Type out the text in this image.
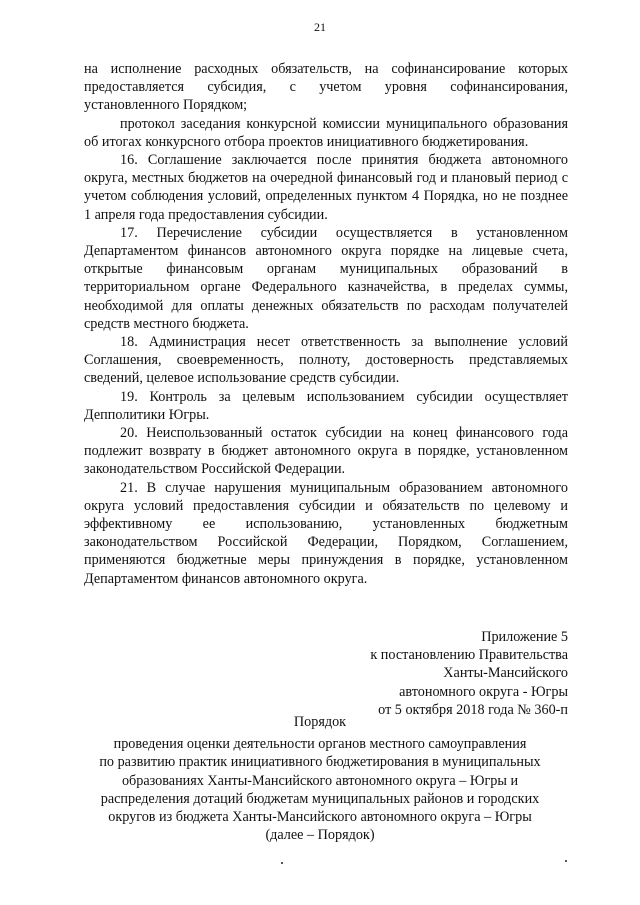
21

на исполнение расходных обязательств, на софинансирование которых предоставляется субсидия, с учетом уровня софинансирования, установленного Порядком;

протокол заседания конкурсной комиссии муниципального образования об итогах конкурсного отбора проектов инициативного бюджетирования.

16. Соглашение заключается после принятия бюджета автономного округа, местных бюджетов на очередной финансовый год и плановый период с учетом соблюдения условий, определенных пунктом 4 Порядка, но не позднее 1 апреля года предоставления субсидии.

17. Перечисление субсидии осуществляется в установленном Департаментом финансов автономного округа порядке на лицевые счета, открытые финансовым органам муниципальных образований в территориальном органе Федерального казначейства, в пределах суммы, необходимой для оплаты денежных обязательств по расходам получателей средств местного бюджета.

18. Администрация несет ответственность за выполнение условий Соглашения, своевременность, полноту, достоверность представляемых сведений, целевое использование средств субсидии.

19. Контроль за целевым использованием субсидии осуществляет Депполитики Югры.

20. Неиспользованный остаток субсидии на конец финансового года подлежит возврату в бюджет автономного округа в порядке, установленном законодательством Российской Федерации.

21. В случае нарушения муниципальным образованием автономного округа условий предоставления субсидии и обязательств по целевому и эффективному ее использованию, установленных бюджетным законодательством Российской Федерации, Порядком, Соглашением, применяются бюджетные меры принуждения в порядке, установленном Департаментом финансов автономного округа.

Приложение 5
к постановлению Правительства
Ханты-Мансийского
автономного округа - Югры
от 5 октября 2018 года № 360-п
Порядок
проведения оценки деятельности органов местного самоуправления
по развитию практик инициативного бюджетирования в муниципальных
образованиях Ханты-Мансийского автономного округа – Югры и
распределения дотаций бюджетам муниципальных районов и городских
округов из бюджета Ханты-Мансийского автономного округа – Югры
(далее – Порядок)
